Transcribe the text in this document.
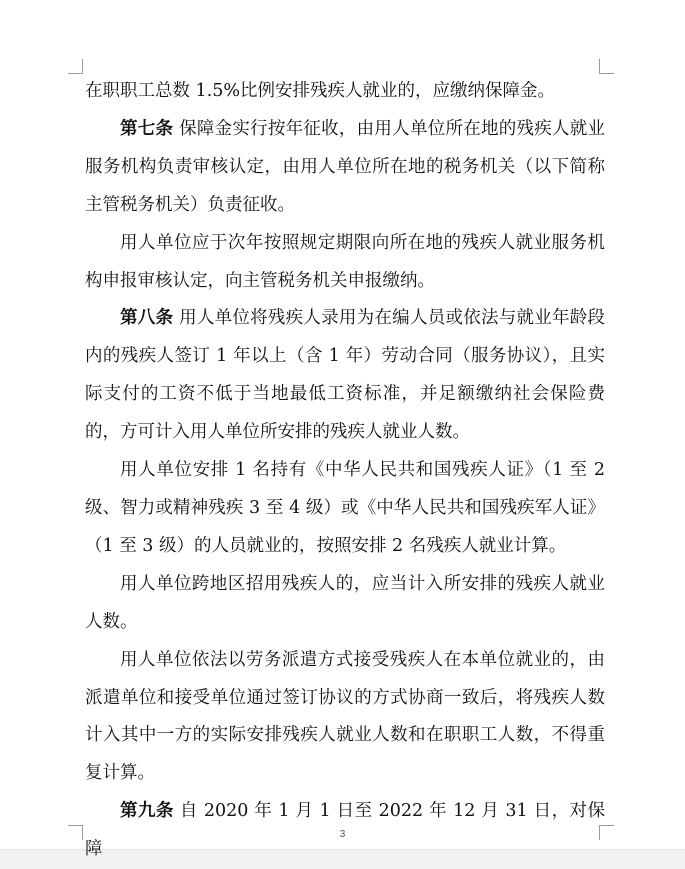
在职职工总数 1.5%比例安排残疾人就业的，应缴纳保障金。

第七条 保障金实行按年征收，由用人单位所在地的残疾人就业服务机构负责审核认定，由用人单位所在地的税务机关（以下简称主管税务机关）负责征收。

用人单位应于次年按照规定期限向所在地的残疾人就业服务机构申报审核认定，向主管税务机关申报缴纳。

第八条 用人单位将残疾人录用为在编人员或依法与就业年龄段内的残疾人签订 1 年以上（含 1 年）劳动合同（服务协议），且实际支付的工资不低于当地最低工资标准，并足额缴纳社会保险费的，方可计入用人单位所安排的残疾人就业人数。

用人单位安排 1 名持有《中华人民共和国残疾人证》（1 至 2 级、智力或精神残疾 3 至 4 级）或《中华人民共和国残疾军人证》（1 至 3 级）的人员就业的，按照安排 2 名残疾人就业计算。

用人单位跨地区招用残疾人的，应当计入所安排的残疾人就业人数。

用人单位依法以劳务派遣方式接受残疾人在本单位就业的，由派遣单位和接受单位通过签订协议的方式协商一致后，将残疾人数计入其中一方的实际安排残疾人就业人数和在职职工人数，不得重复计算。

第九条 自 2020 年 1 月 1 日至 2022 年 12 月 31 日，对保障

3
